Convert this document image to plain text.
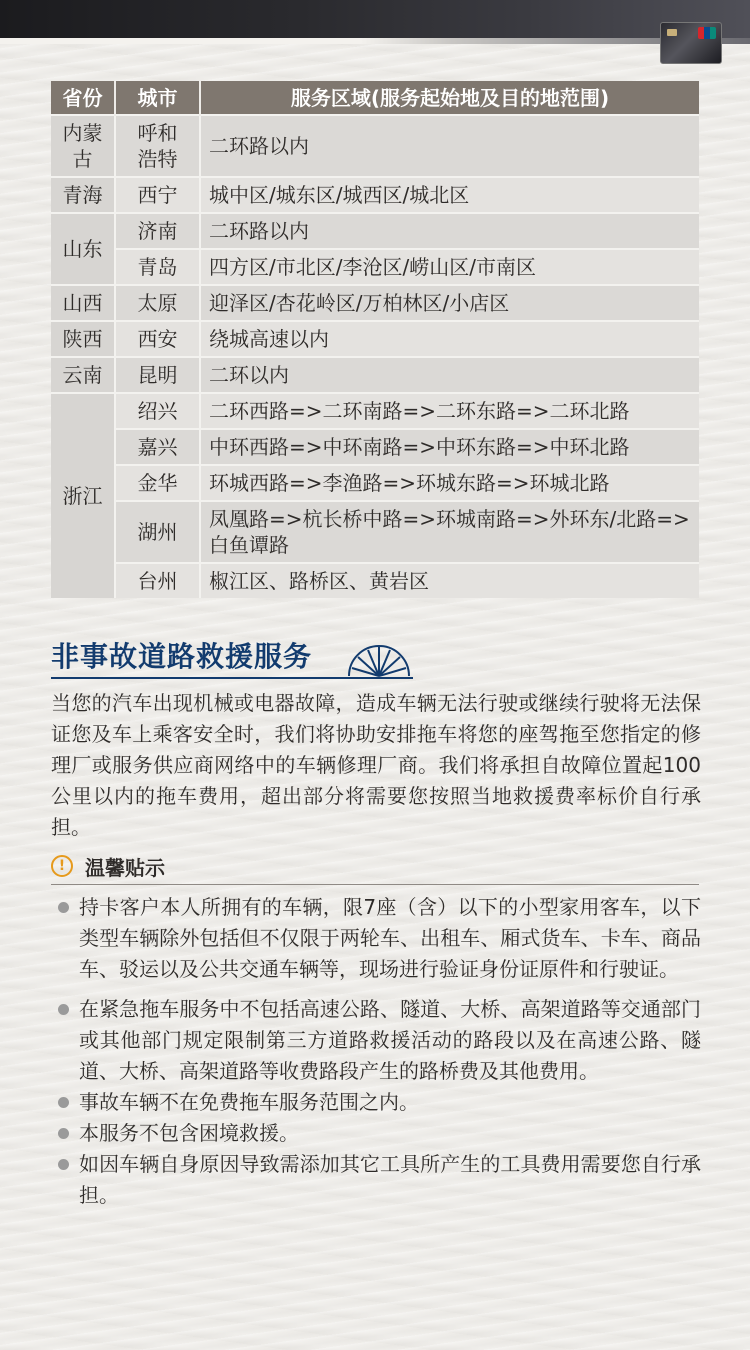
省份	城市	服务区域(服务起始地及目的地范围)
内蒙古	呼和浩特	二环路以内
青海	西宁	城中区/城东区/城西区/城北区
山东	济南	二环路以内
	青岛	四方区/市北区/李沧区/崂山区/市南区
山西	太原	迎泽区/杏花岭区/万柏林区/小店区
陕西	西安	绕城高速以内
云南	昆明	二环以内
浙江	绍兴	二环西路=>二环南路=>二环东路=>二环北路
	嘉兴	中环西路=>中环南路=>中环东路=>中环北路
	金华	环城西路=>李渔路=>环城东路=>环城北路
	湖州	凤凰路=>杭长桥中路=>环城南路=>外环东/北路=>白鱼谭路
	台州	椒江区、路桥区、黄岩区
非事故道路救援服务

当您的汽车出现机械或电器故障，造成车辆无法行驶或继续行驶将无法保证您及车上乘客安全时，我们将协助安排拖车将您的座驾拖至您指定的修理厂或服务供应商网络中的车辆修理厂商。我们将承担自故障位置起100公里以内的拖车费用，超出部分将需要您按照当地救援费率标价自行承担。

! 温馨贴示
持卡客户本人所拥有的车辆，限7座（含）以下的小型家用客车，以下类型车辆除外包括但不仅限于两轮车、出租车、厢式货车、卡车、商品车、驳运以及公共交通车辆等，现场进行验证身份证原件和行驶证。
在紧急拖车服务中不包括高速公路、隧道、大桥、高架道路等交通部门或其他部门规定限制第三方道路救援活动的路段以及在高速公路、隧道、大桥、高架道路等收费路段产生的路桥费及其他费用。
事故车辆不在免费拖车服务范围之内。
本服务不包含困境救援。
如因车辆自身原因导致需添加其它工具所产生的工具费用需要您自行承担。
